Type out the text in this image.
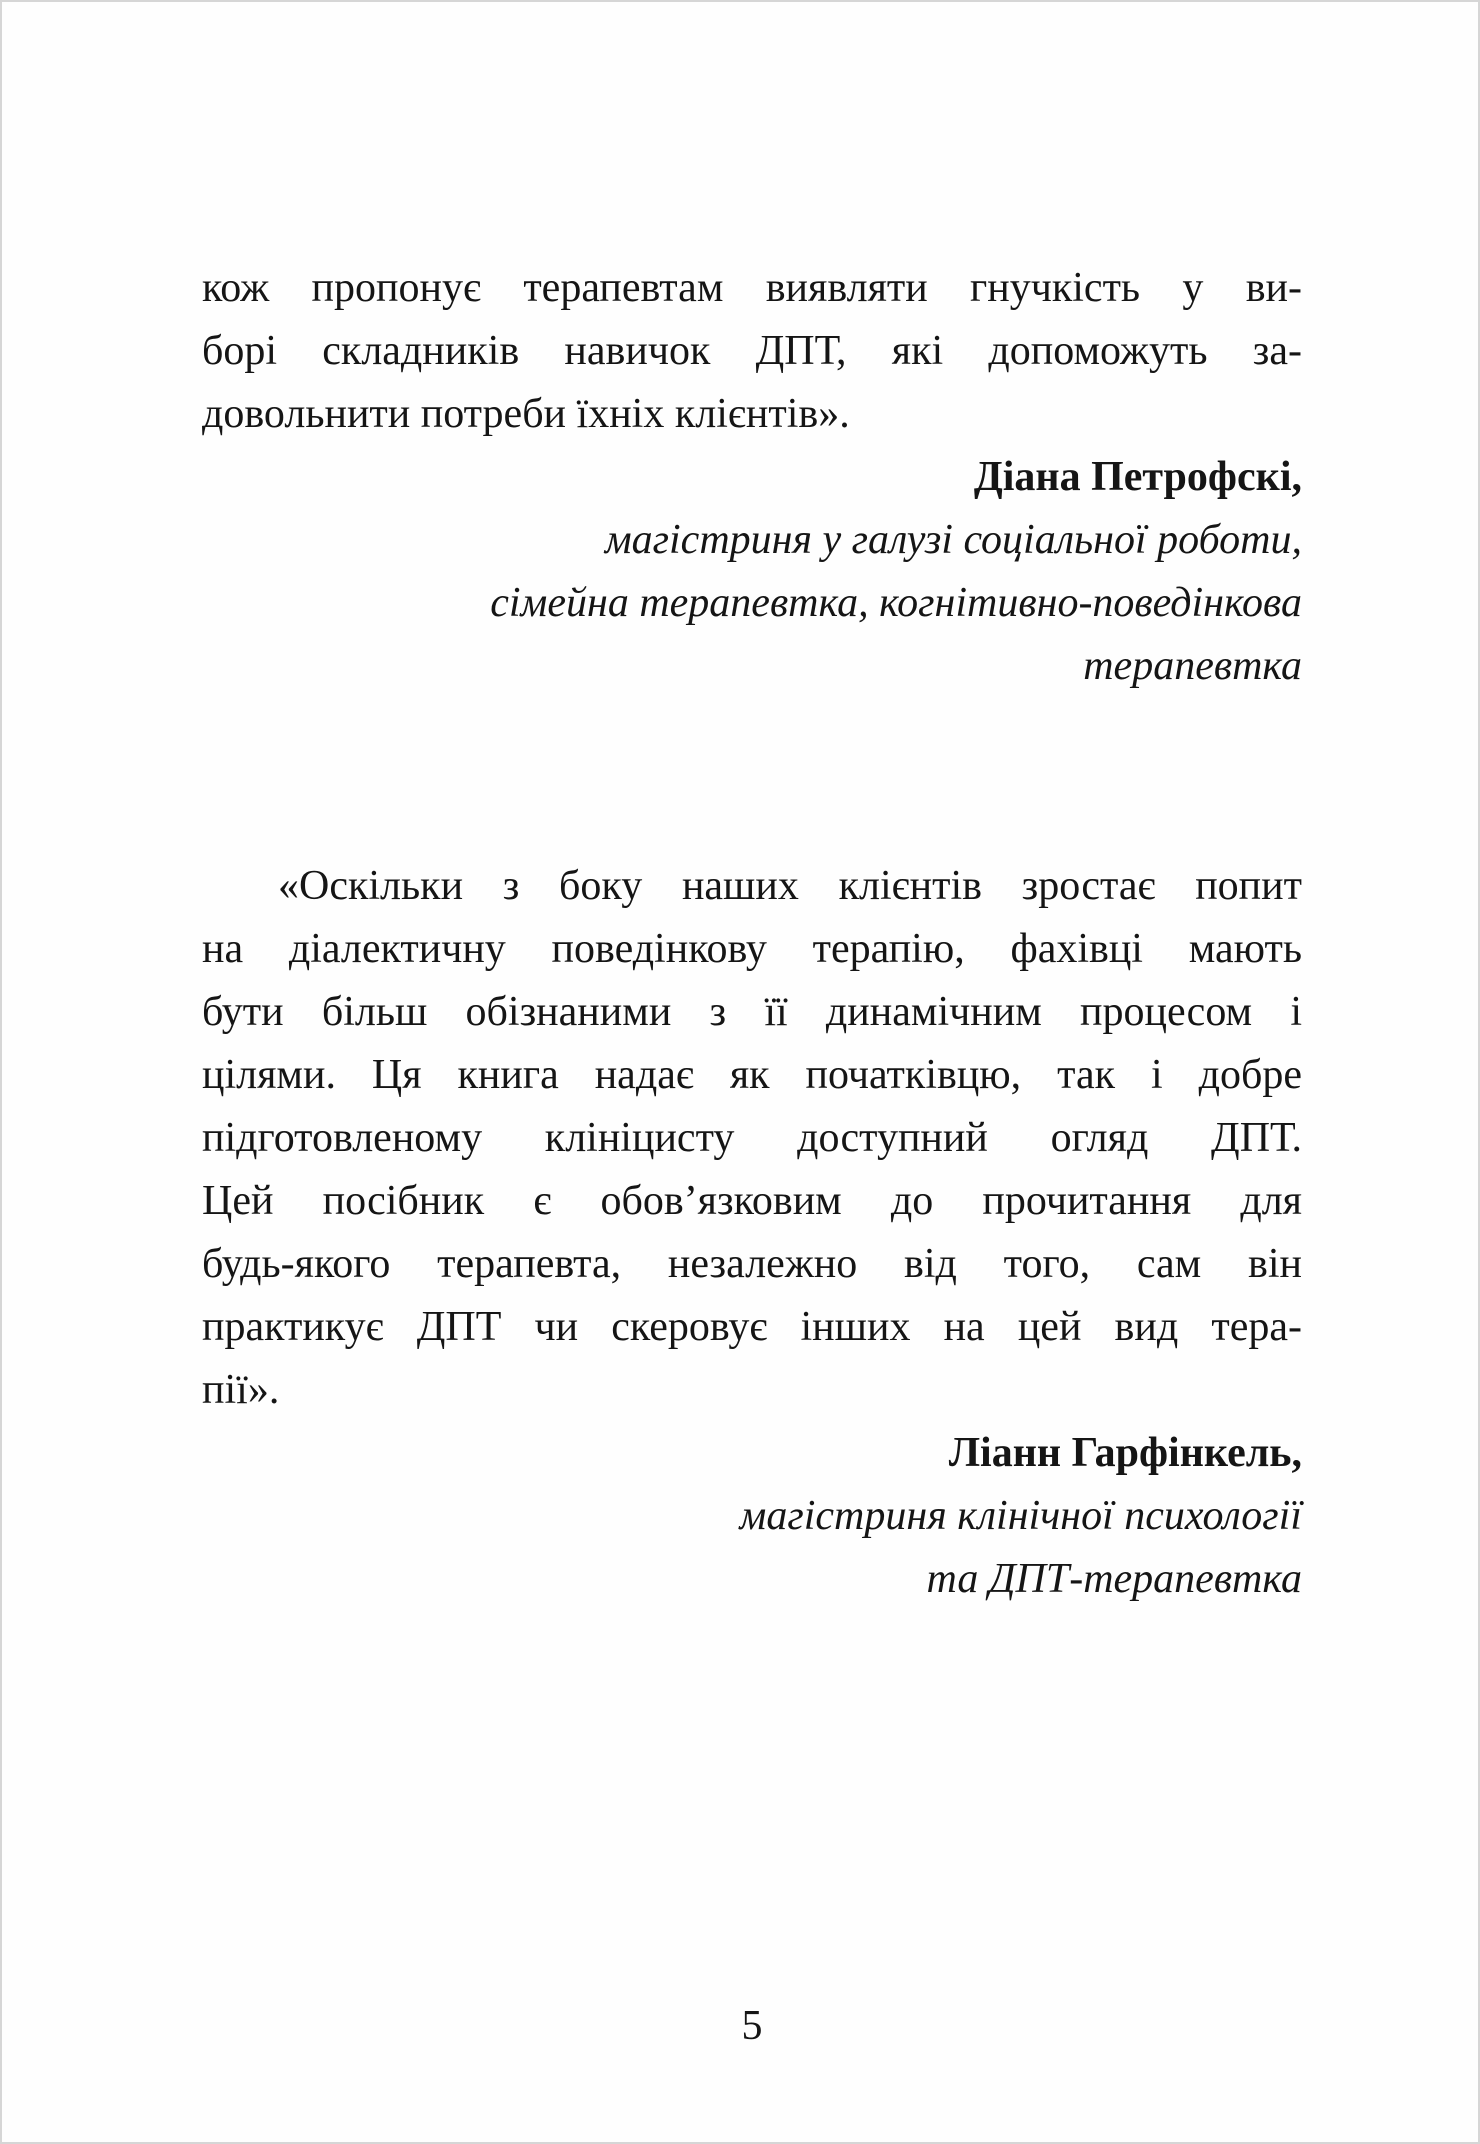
кож пропонує терапевтам виявляти гнучкість у ви-
борі складників навичок ДПТ, які допоможуть за-
довольнити потреби їхніх клієнтів».
Діана Петрофскі,
магістриня у галузі соціальної роботи,
сімейна терапевтка, когнітивно-поведінкова
терапевтка
«Оскільки з боку наших клієнтів зростає попит
на діалектичну поведінкову терапію, фахівці мають
бути більш обізнаними з її динамічним процесом і
цілями. Ця книга надає як початківцю, так і добре
підготовленому клініцисту доступний огляд ДПТ.
Цей посібник є обов’язковим до прочитання для
будь-якого терапевта, незалежно від того, сам він
практикує ДПТ чи скеровує інших на цей вид тера-
пії».
Ліанн Гарфінкель,
магістриня клінічної психології
та ДПТ-терапевтка
5
